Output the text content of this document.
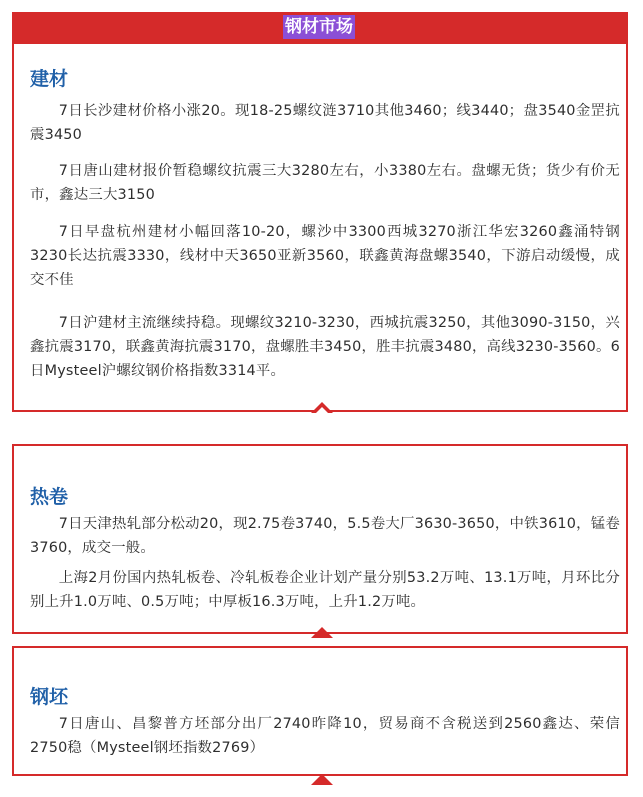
建材

7日长沙建材价格小涨20。现18-25螺纹涟3710其他3460；线3440；盘3540金罡抗震3450

7日唐山建材报价暂稳螺纹抗震三大3280左右，小3380左右。盘螺无货；货少有价无市，鑫达三大3150

7日早盘杭州建材小幅回落10-20，螺沙中3300西城3270浙江华宏3260鑫涌特钢3230长达抗震3330，线材中天3650亚新3560，联鑫黄海盘螺3540，下游启动缓慢，成交不佳

7日沪建材主流继续持稳。现螺纹3210-3230，西城抗震3250，其他3090-3150，兴鑫抗震3170，联鑫黄海抗震3170，盘螺胜丰3450，胜丰抗震3480，高线3230-3560。6日Mysteel沪螺纹钢价格指数3314平。

钢材市场
热卷

7日天津热轧部分松动20，现2.75卷3740，5.5卷大厂3630-3650，中铁3610，锰卷3760，成交一般。

上海2月份国内热轧板卷、冷轧板卷企业计划产量分别53.2万吨、13.1万吨，月环比分别上升1.0万吨、0.5万吨；中厚板16.3万吨，上升1.2万吨。

钢坯

7日唐山、昌黎普方坯部分出厂2740昨降10，贸易商不含税送到2560鑫达、荣信2750稳（Mysteel钢坯指数2769）
